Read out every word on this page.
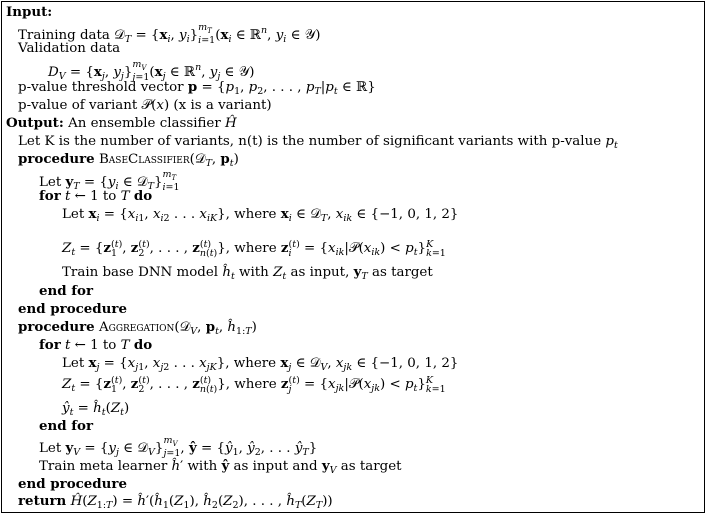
Input:
Training data 𝒟$_T$ = {$x_i$, $y_i$}
$m_T$
i=1 ($x_i$ ∈ ℝ$^n$, $y_i$ ∈ 𝒴)
Validation data
$D_V = \{x_j$, $y_j$}
$m_V$
j=1 ($x_j$ ∈ ℝ$^n$, $y_j$ ∈ 𝒴)
p-value threshold vector $p = \{p_1$, $p_2$, . . . , $p_T|p_t$ ∈ ℝ}
p-value of variant 𝒫(x) (x is a variant)
Output: An ensemble classifier Ĥ
Let K is the number of variants, n(t) is the number of significant variants with p-value $p_t$
procedure BaseClassifier(𝒟$_T$, $p_t$)
Let $y_T = \{y_i$ ∈ 𝒟$_T$}
$m_T$
i=1
for t ← 1 to T do
Let $x_i = \{x_{i1}$, $x_{i2}$ . . . $x_{iK}$}, where $x_i$ ∈ 𝒟$_T$, $x_{ik}$ ∈ {−1, 0, 1, 2}
$Z_t = \{z$ (t)
1 , z (t)
2 , . . . , z (t)
n(t) }, where z (t)
$i = \{x_{ik}|𝒫(x_{ik}) < p_t\}$ K
k=1
Train base DNN model $ĥ_t$ with $Z_t$ as input, $y_T$ as target
end for
end procedure
procedure Aggregation(𝒟$_V$, $p_t$, $ĥ_{1:T}$)
for t ← 1 to T do
Let $x_j = \{x_{j1}$, $x_{j2}$ . . . $x_{jK}$}, where $x_j$ ∈ 𝒟$_V$, $x_{jk}$ ∈ {−1, 0, 1, 2}
$Z_t = \{z$ (t)
1 , z (t)
2 , . . . , z (t)
n(t) }, where z (t)
$j = \{x_{jk}|𝒫(x_{jk}) < p_t\}$ K
k=1
$ŷ_t$ = $ĥ_t(Z_t)$
end for
Let $y_V = \{y_j$ ∈ 𝒟$_V$}
$m_V$
j=1 , ŷ = {$ŷ_1$, $ŷ_2$, . . . $ŷ_T$}
Train meta learner ĥ′ with ŷ as input and $y_V$ as target
end procedure
return $Ĥ(Z_{1:T})$ = $ĥ'(ĥ_1(Z_1)$, $ĥ_2(Z_2)$, . . . , $ĥ_T(Z_T)$)
